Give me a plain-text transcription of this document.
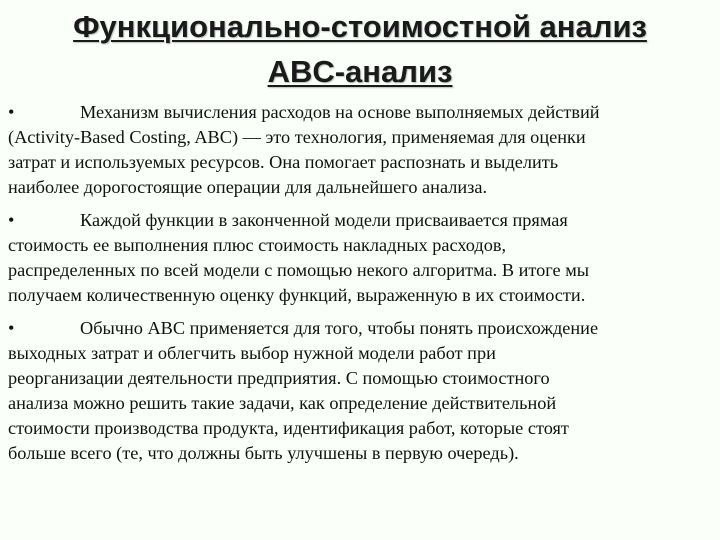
Функционально-стоимостной анализ
ABC-анализ
•	Механизм вычисления расходов на основе выполняемых действий
(Activity-Based Costing, ABC) — это технология, применяемая для оценки
затрат и используемых ресурсов. Она помогает распознать и выделить
наиболее дорогостоящие операции для дальнейшего анализа.
•	Каждой функции в законченной модели присваивается прямая
стоимость ее выполнения плюс стоимость накладных расходов,
распределенных по всей модели с помощью некого алгоритма. В итоге мы
получаем количественную оценку функций, выраженную в их стоимости.
•	Обычно ABC применяется для того, чтобы понять происхождение
выходных затрат и облегчить выбор нужной модели работ при
реорганизации деятельности предприятия. С помощью стоимостного
анализа можно решить такие задачи, как определение действительной
стоимости производства продукта, идентификация работ, которые стоят
больше всего (те, что должны быть улучшены в первую очередь).
